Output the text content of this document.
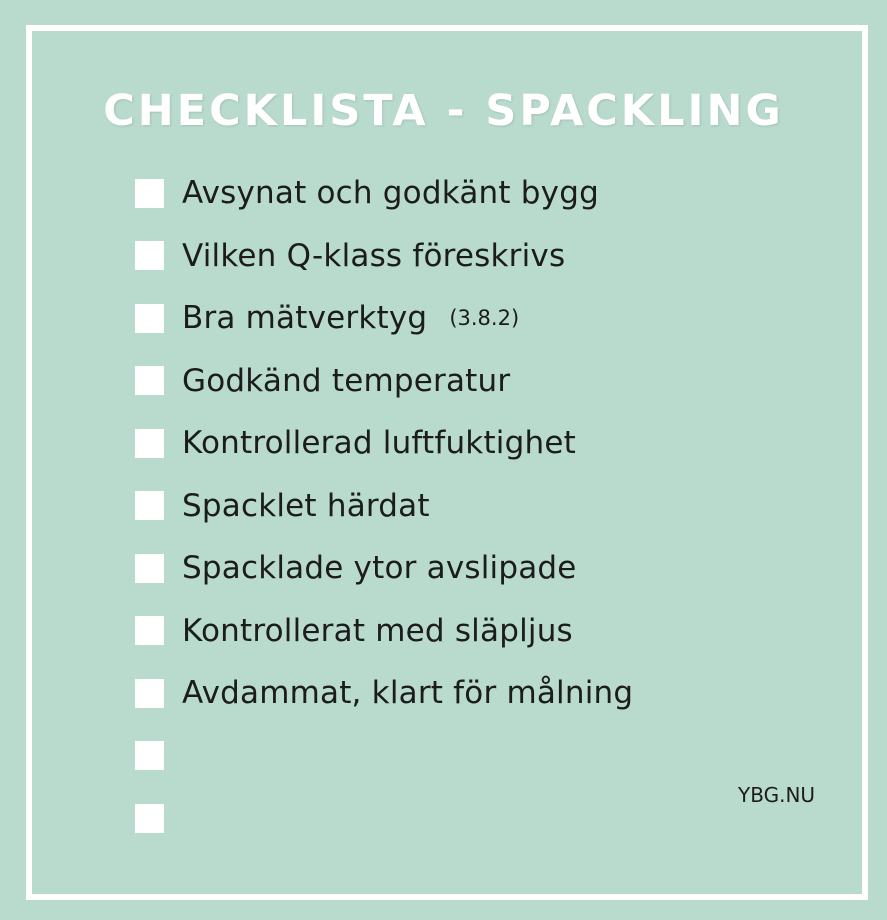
CHECKLISTA - SPACKLING
Avsynat och godkänt bygg
Vilken Q-klass föreskrivs
Bra mätverktyg (3.8.2)
Godkänd temperatur
Kontrollerad luftfuktighet
Spacklet härdat
Spacklade ytor avslipade
Kontrollerat med släpljus
Avdammat, klart för målning
YBG.NU
